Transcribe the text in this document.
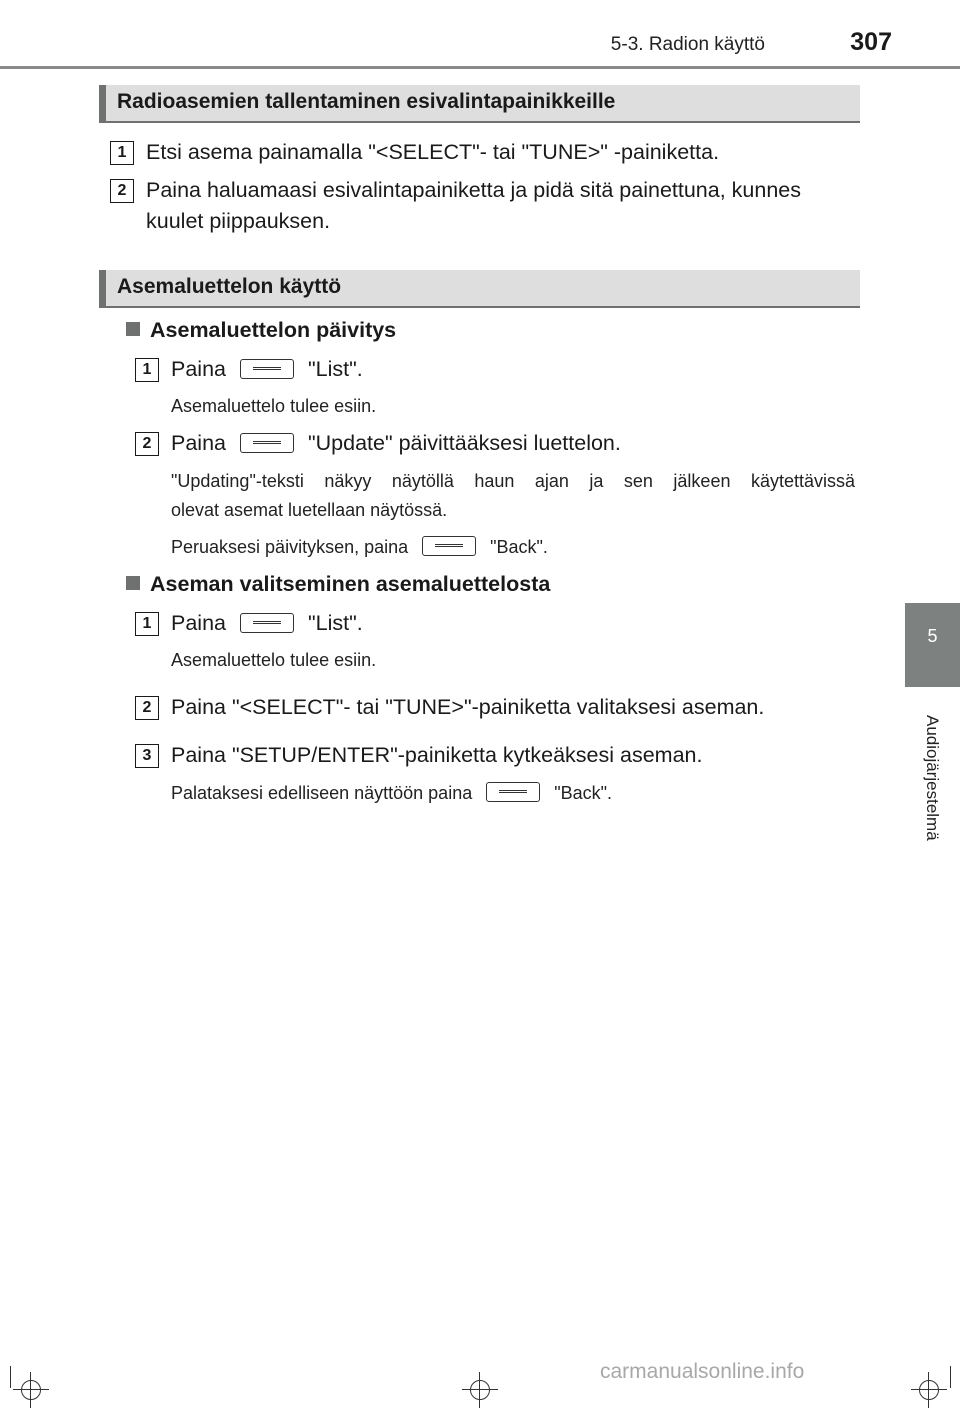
5-3. Radion käyttö	307
5
Audiojärjestelmä
Radioasemien tallentaminen esivalintapainikkeille
1 Etsi asema painamalla "<SELECT"- tai "TUNE>" -painiketta.
2 Paina haluamaasi esivalintapainiketta ja pidä sitä painettuna, kunnes
kuulet piippauksen.
Asemaluettelon käyttö
Asemaluettelon päivitys
1 Paina	"List".
Asemaluettelo tulee esiin.
2 Paina	"Update" päivittääksesi luettelon.
"Updating"-teksti näkyy näytöllä haun ajan ja sen jälkeen käytettävissä
olevat asemat luetellaan näytössä.
Peruaksesi päivityksen, paina	"Back".
Aseman valitseminen asemaluettelosta
1 Paina	"List".
Asemaluettelo tulee esiin.
2 Paina "<SELECT"- tai "TUNE>"-painiketta valitaksesi aseman.
3 Paina "SETUP/ENTER"-painiketta kytkeäksesi aseman.
Palataksesi edelliseen näyttöön paina	"Back".
carmanualsonline.info
